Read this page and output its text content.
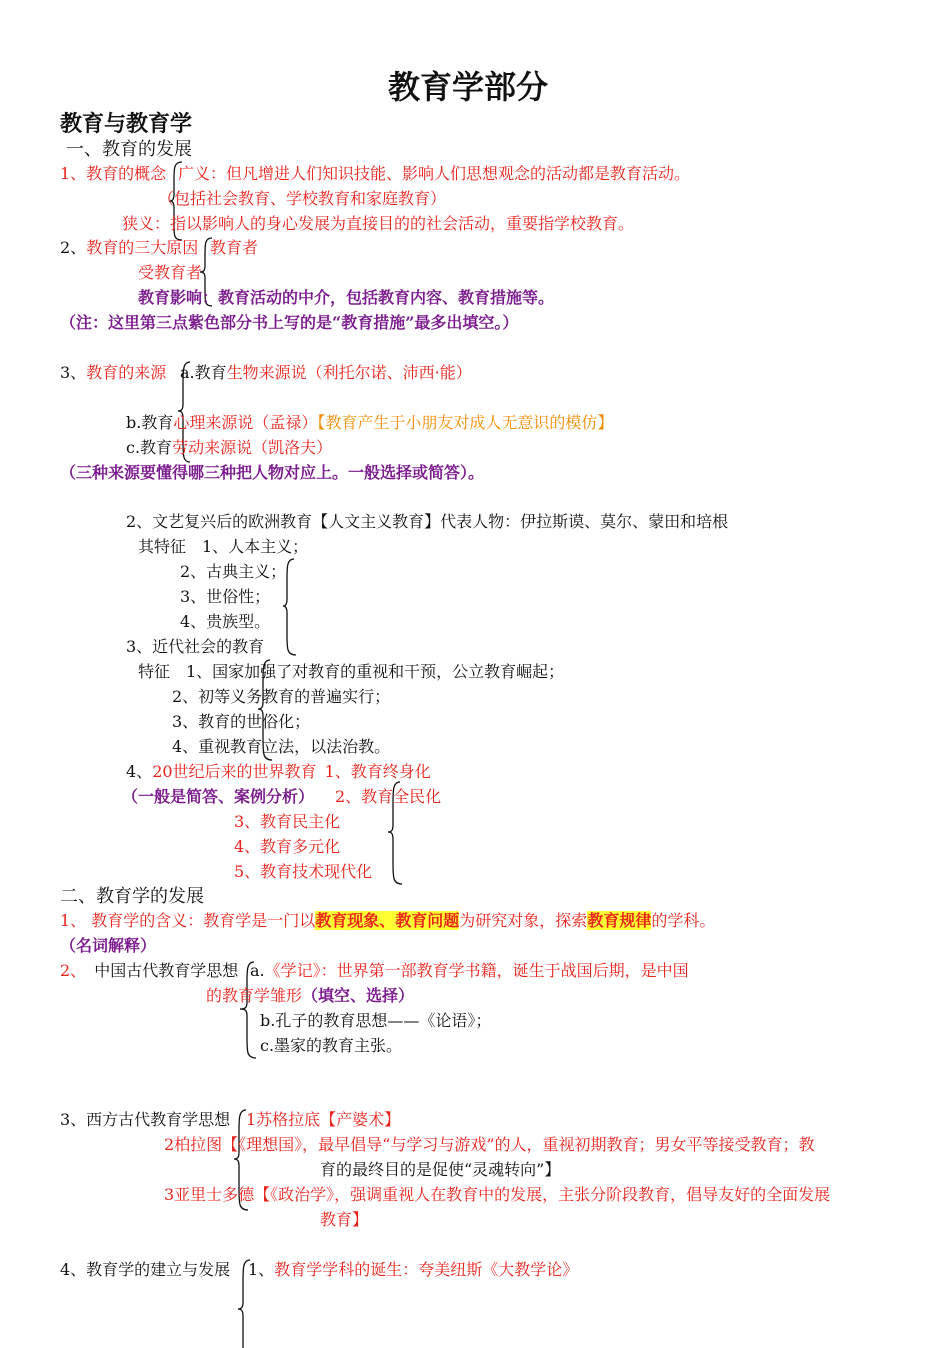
教育学部分
教育与教育学
一、教育的发展
1、教育的概念 广义：但凡增进人们知识技能、影响人们思想观念的活动都是教育活动。
（包括社会教育、学校教育和家庭教育）
狭义：指以影响人的身心发展为直接目的的社会活动，重要指学校教育。
2、教育的三大原因 教育者
受教育者
教育影响：教育活动的中介，包括教育内容、教育措施等。
（注：这里第三点紫色部分书上写的是“教育措施”最多出填空。）
3、教育的来源 a.教育生物来源说（利托尔诺、沛西·能）
b.教育心理来源说（孟禄）【教育产生于小朋友对成人无意识的模仿】
c.教育劳动来源说（凯洛夫）
（三种来源要懂得哪三种把人物对应上。一般选择或简答）。
2、文艺复兴后的欧洲教育【人文主义教育】代表人物：伊拉斯谟、莫尔、蒙田和培根
其特征　1、人本主义；
2、古典主义；
3、世俗性；
4、贵族型。
3、近代社会的教育
特征　1、国家加强了对教育的重视和干预，公立教育崛起；
2、初等义务教育的普遍实行；
3、教育的世俗化；
4、重视教育立法，以法治教。
4、20世纪后来的世界教育 1、教育终身化
（一般是简答、案例分析） 2、教育全民化
3、教育民主化
4、教育多元化
5、教育技术现代化
二、教育学的发展
1、 教育学的含义：教育学是一门以教育现象、教育问题为研究对象，探索教育规律的学科。
（名词解释）
2、 中国古代教育学思想 a.《学记》：世界第一部教育学书籍，诞生于战国后期，是中国
的教育学雏形（填空、选择）
b.孔子的教育思想——《论语》；
c.墨家的教育主张。
3、西方古代教育学思想 1苏格拉底【产婆术】
2柏拉图【《理想国》，最早倡导“与学习与游戏”的人，重视初期教育；男女平等接受教育；教
育的最终目的是促使“灵魂转向”】
3亚里士多德【《政治学》，强调重视人在教育中的发展，主张分阶段教育，倡导友好的全面发展
教育】
4、教育学的建立与发展 1、教育学学科的诞生：夸美纽斯《大教学论》
